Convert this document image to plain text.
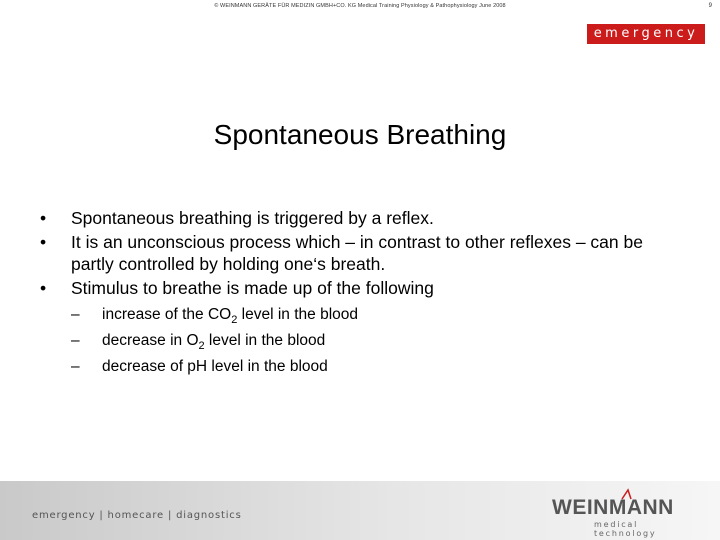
© WEINMANN GERÄTE FÜR MEDIZIN GMBH+CO. KG Medical Training Physiology & Pathophysiology June 2008	9
emergency
Spontaneous Breathing
• Spontaneous breathing is triggered by a reflex.
• It is an unconscious process which – in contrast to other reflexes – can be partly controlled by holding one‘s breath.
• Stimulus to breathe is made up of the following
– increase of the $CO_2$ level in the blood
– decrease in $O_2$ level in the blood
– decrease of pH level in the blood
emergency | homecare | diagnostics	WEINMANN
medical technology
